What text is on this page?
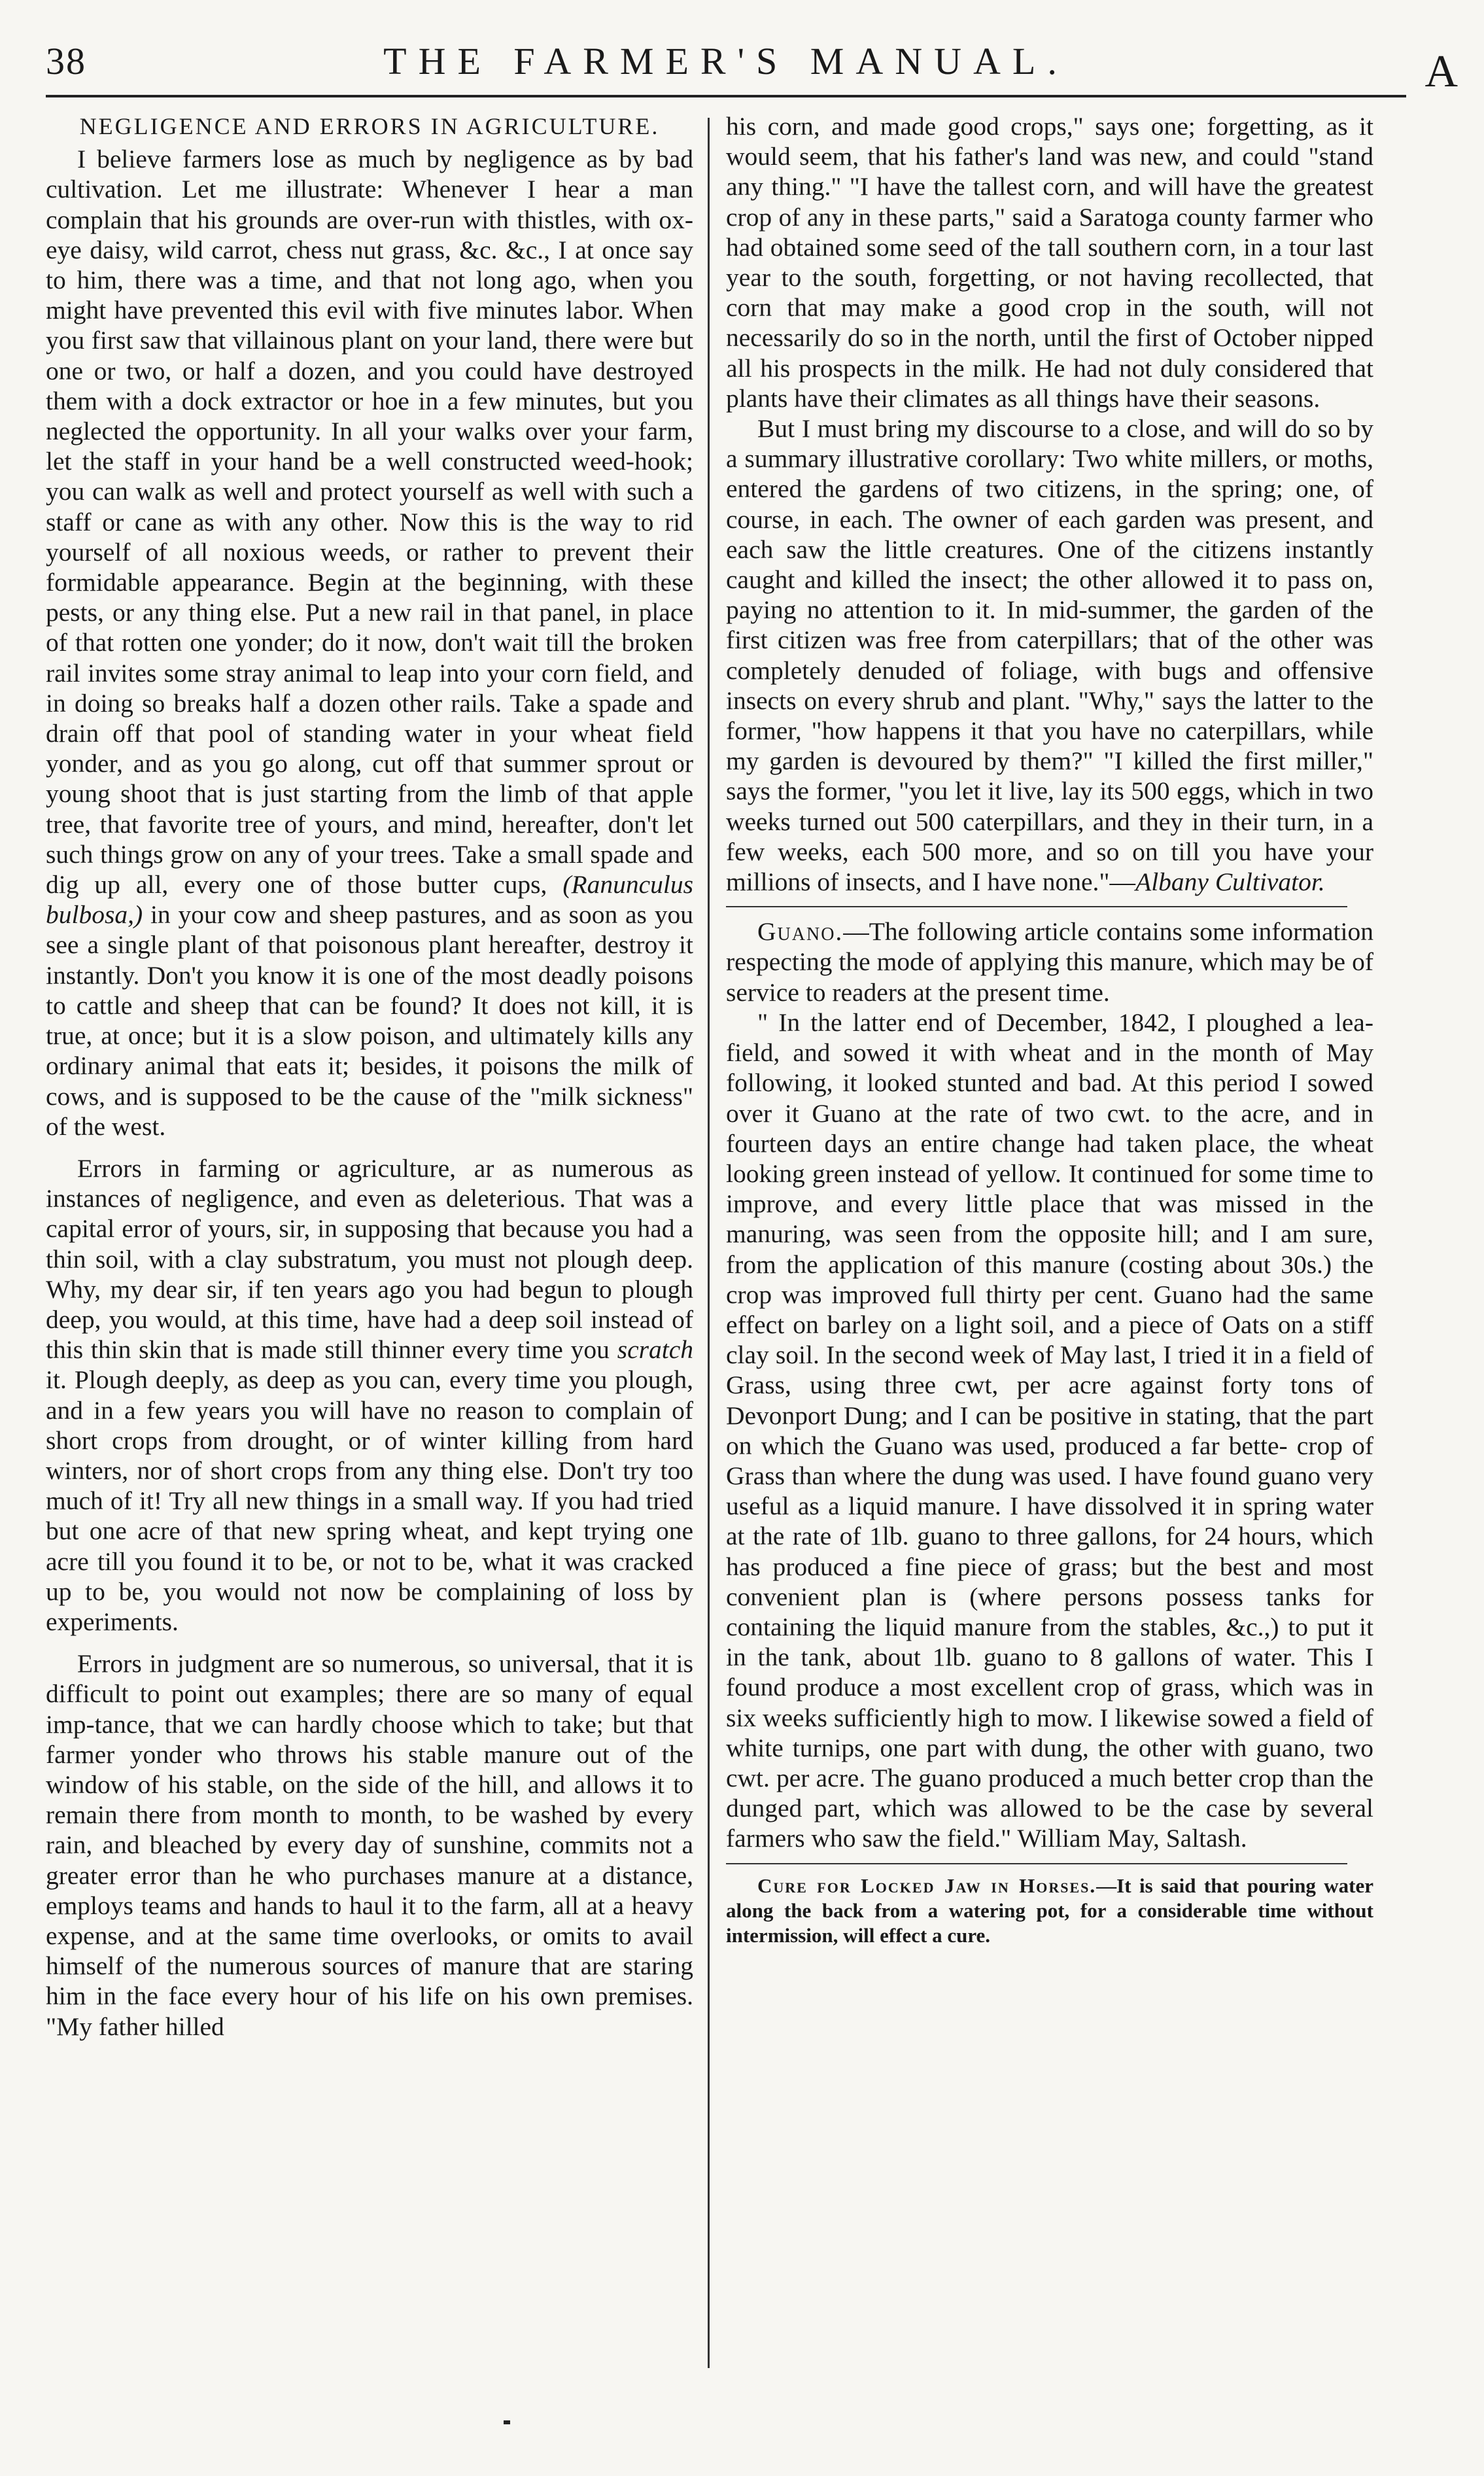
38	THE FARMER'S MANUAL.	A
NEGLIGENCE AND ERRORS IN AGRICULTURE.

I believe farmers lose as much by negligence as by bad cultivation. Let me illustrate: Whenever I hear a man complain that his grounds are over-run with thistles, with ox-eye daisy, wild carrot, chess nut grass, &c. &c., I at once say to him, there was a time, and that not long ago, when you might have prevented this evil with five minutes labor. When you first saw that villainous plant on your land, there were but one or two, or half a dozen, and you could have destroyed them with a dock extractor or hoe in a few minutes, but you neglected the opportunity. In all your walks over your farm, let the staff in your hand be a well constructed weed-hook; you can walk as well and protect yourself as well with such a staff or cane as with any other. Now this is the way to rid yourself of all noxious weeds, or rather to prevent their formidable appearance. Begin at the beginning, with these pests, or any thing else. Put a new rail in that panel, in place of that rotten one yonder; do it now, don't wait till the broken rail invites some stray animal to leap into your corn field, and in doing so breaks half a dozen other rails. Take a spade and drain off that pool of standing water in your wheat field yonder, and as you go along, cut off that summer sprout or young shoot that is just starting from the limb of that apple tree, that favorite tree of yours, and mind, hereafter, don't let such things grow on any of your trees. Take a small spade and dig up all, every one of those butter cups, (Ranunculus bulbosa,) in your cow and sheep pastures, and as soon as you see a single plant of that poisonous plant hereafter, destroy it instantly. Don't you know it is one of the most deadly poisons to cattle and sheep that can be found? It does not kill, it is true, at once; but it is a slow poison, and ultimately kills any ordinary animal that eats it; besides, it poisons the milk of cows, and is supposed to be the cause of the "milk sickness" of the west.

Errors in farming or agriculture, ar as numerous as instances of negligence, and even as deleterious. That was a capital error of yours, sir, in supposing that because you had a thin soil, with a clay substratum, you must not plough deep. Why, my dear sir, if ten years ago you had begun to plough deep, you would, at this time, have had a deep soil instead of this thin skin that is made still thinner every time you scratch it. Plough deeply, as deep as you can, every time you plough, and in a few years you will have no reason to complain of short crops from drought, or of winter killing from hard winters, nor of short crops from any thing else. Don't try too much of it! Try all new things in a small way. If you had tried but one acre of that new spring wheat, and kept trying one acre till you found it to be, or not to be, what it was cracked up to be, you would not now be complaining of loss by experiments.

Errors in judgment are so numerous, so universal, that it is difficult to point out examples; there are so many of equal imp-tance, that we can hardly choose which to take; but that farmer yonder who throws his stable manure out of the window of his stable, on the side of the hill, and allows it to remain there from month to month, to be washed by every rain, and bleached by every day of sunshine, commits not a greater error than he who purchases manure at a distance, employs teams and hands to haul it to the farm, all at a heavy expense, and at the same time overlooks, or omits to avail himself of the numerous sources of manure that are staring him in the face every hour of his life on his own premises. "My father hilled

his corn, and made good crops," says one; forgetting, as it would seem, that his father's land was new, and could "stand any thing." "I have the tallest corn, and will have the greatest crop of any in these parts," said a Saratoga county farmer who had obtained some seed of the tall southern corn, in a tour last year to the south, forgetting, or not having recollected, that corn that may make a good crop in the south, will not necessarily do so in the north, until the first of October nipped all his prospects in the milk. He had not duly considered that plants have their climates as all things have their seasons.

But I must bring my discourse to a close, and will do so by a summary illustrative corollary: Two white millers, or moths, entered the gardens of two citizens, in the spring; one, of course, in each. The owner of each garden was present, and each saw the little creatures. One of the citizens instantly caught and killed the insect; the other allowed it to pass on, paying no attention to it. In mid-summer, the garden of the first citizen was free from caterpillars; that of the other was completely denuded of foliage, with bugs and offensive insects on every shrub and plant. "Why," says the latter to the former, "how happens it that you have no caterpillars, while my garden is devoured by them?" "I killed the first miller," says the former, "you let it live, lay its 500 eggs, which in two weeks turned out 500 caterpillars, and they in their turn, in a few weeks, each 500 more, and so on till you have your millions of insects, and I have none."—Albany Cultivator.

Guano.—The following article contains some information respecting the mode of applying this manure, which may be of service to readers at the present time.

" In the latter end of December, 1842, I ploughed a lea-field, and sowed it with wheat and in the month of May following, it looked stunted and bad. At this period I sowed over it Guano at the rate of two cwt. to the acre, and in fourteen days an entire change had taken place, the wheat looking green instead of yellow. It continued for some time to improve, and every little place that was missed in the manuring, was seen from the opposite hill; and I am sure, from the application of this manure (costing about 30s.) the crop was improved full thirty per cent. Guano had the same effect on barley on a light soil, and a piece of Oats on a stiff clay soil. In the second week of May last, I tried it in a field of Grass, using three cwt, per acre against forty tons of Devonport Dung; and I can be positive in stating, that the part on which the Guano was used, produced a far bette- crop of Grass than where the dung was used. I have found guano very useful as a liquid manure. I have dissolved it in spring water at the rate of 1lb. guano to three gallons, for 24 hours, which has produced a fine piece of grass; but the best and most convenient plan is (where persons possess tanks for containing the liquid manure from the stables, &c.,) to put it in the tank, about 1lb. guano to 8 gallons of water. This I found produce a most excellent crop of grass, which was in six weeks sufficiently high to mow. I likewise sowed a field of white turnips, one part with dung, the other with guano, two cwt. per acre. The guano produced a much better crop than the dunged part, which was allowed to be the case by several farmers who saw the field." William May, Saltash.

Cure for Locked Jaw in Horses.—It is said that pouring water along the back from a watering pot, for a considerable time without intermission, will effect a cure.
